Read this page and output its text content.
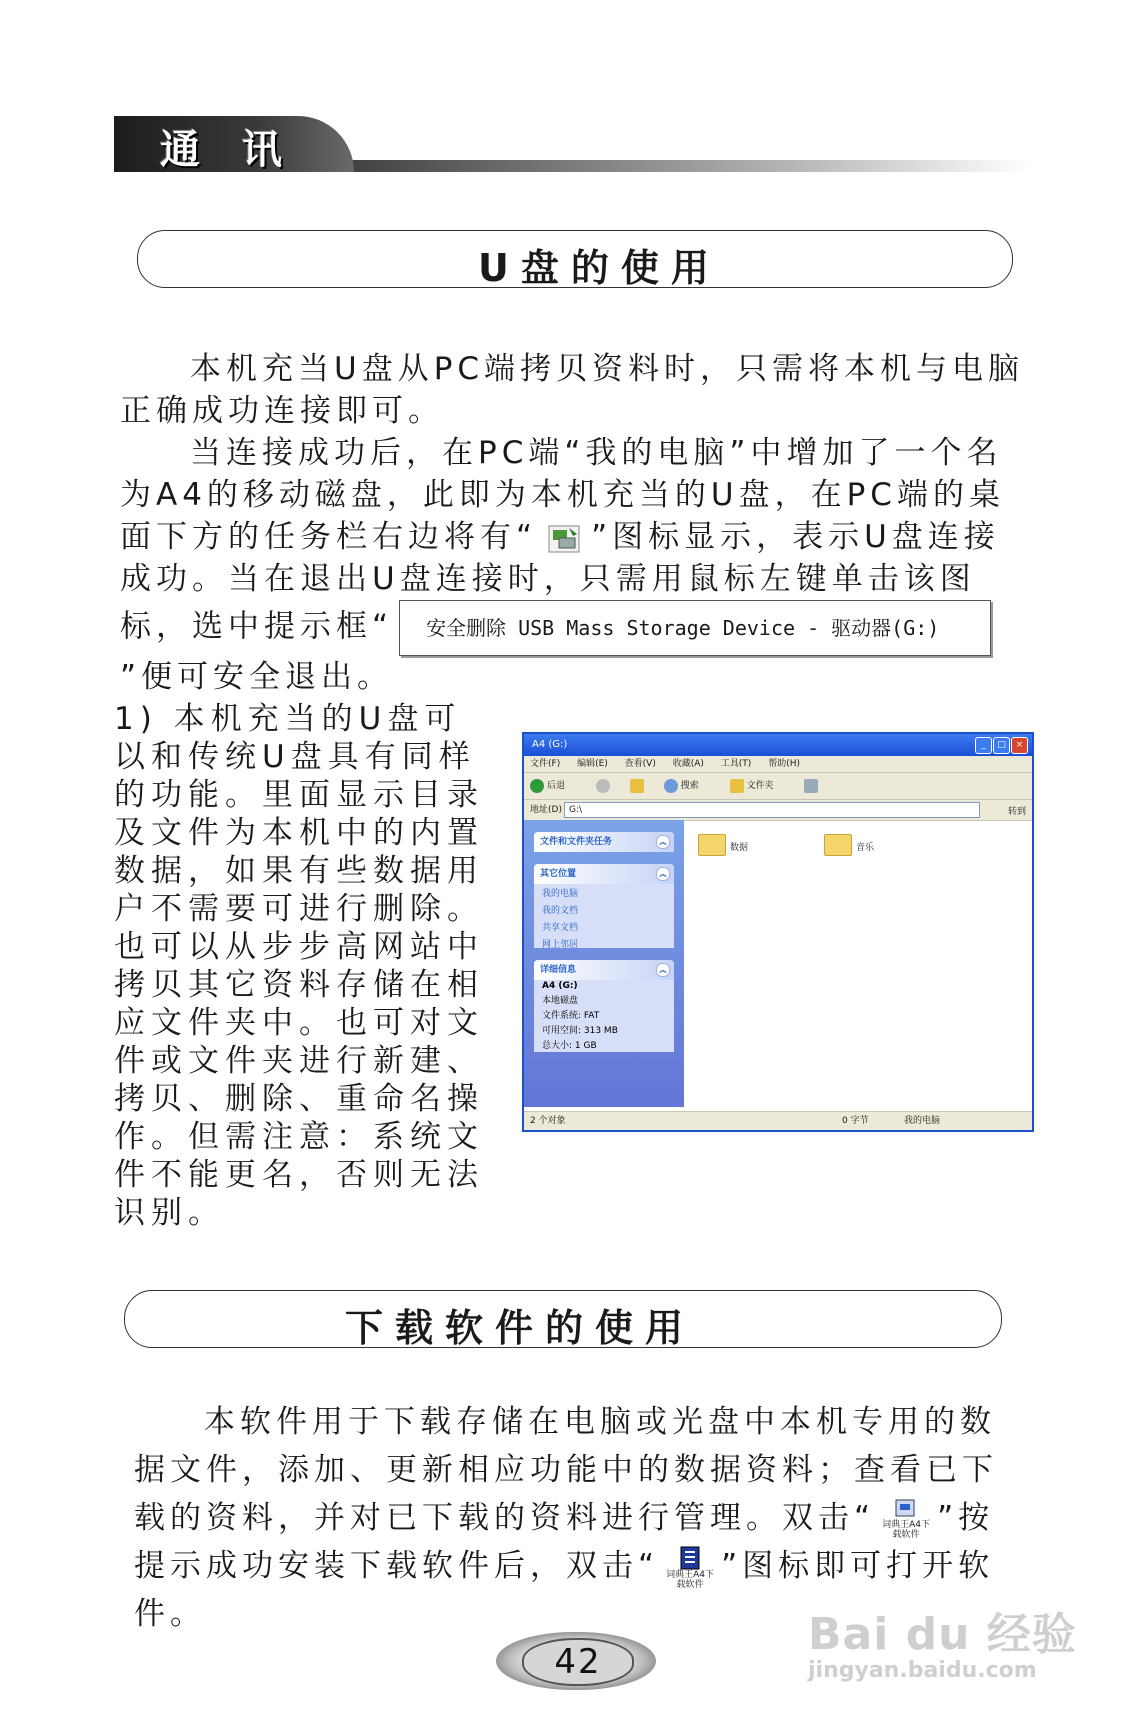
通 讯
U盘的使用

本机充当U盘从PC端拷贝资料时，只需将本机与电脑正确成功连接即可。

当连接成功后，在PC端“我的电脑”中增加了一个名为A4的移动磁盘，此即为本机充当的U盘，在PC端的桌面下方的任务栏右边将有“ ”图标显示，表示U盘连接成功。当在退出U盘连接时，只需用鼠标左键单击该图标，选中提示框“ 安全删除 USB Mass Storage Device - 驱动器(G:)”便可安全退出。

1) 本机充当的U盘可以和传统U盘具有同样的功能。里面显示目录及文件为本机中的内置数据，如果有些数据用户不需要可进行删除。也可以从步步高网站中拷贝其它资料存储在相应文件夹中。也可对文件或文件夹进行新建、拷贝、删除、重命名操作。但需注意：系统文件不能更名，否则无法识别。

A4 (G:)	_	□	×
文件(F) 编辑(E) 查看(V) 收藏(A) 工具(T) 帮助(H)
后退	搜索	文件夹
地址(D) G:\	转到
文件和文件夹任务	︽
其它位置	︽
我的电脑
我的文档
共享文档
网上邻居
详细信息	︽
A4 (G:)
本地磁盘
文件系统: FAT
可用空间: 313 MB
总大小: 1 GB
数据	音乐
2 个对象	0 字节	我的电脑
下载软件的使用

本软件用于下载存储在电脑或光盘中本机专用的数据文件，添加、更新相应功能中的数据资料；查看已下载的资料，并对已下载的资料进行管理。双击“ 词典王A4下载软件 ”按提示成功安装下载软件后，双击“ 词典王A4下载软件”图标即可打开软件。

42
Bai du 经验
jingyan.baidu.com
